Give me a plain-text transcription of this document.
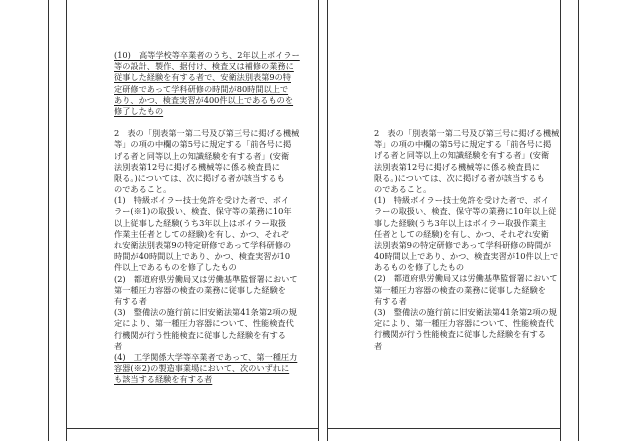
(10)　高等学校等卒業者のうち、2年以上ボイラー
等の設計、製作、据付け、検査又は補修の業務に
従事した経験を有する者で、安衛法別表第9の特
定研修であって学科研修の時間が80時間以上で
あり、かつ、検査実習が400件以上であるものを
修了したもの
2　表の「別表第一第二号及び第三号に掲げる機械
等」の項の中欄の第5号に規定する「前各号に掲
げる者と同等以上の知識経験を有する者」(安衛
法別表第12号に掲げる機械等に係る検査員に
限る。)については、次に掲げる者が該当するも
のであること。
(1)　特級ボイラー技士免許を受けた者で、ボイ
ラー(※1)の取扱い、検査、保守等の業務に10年
以上従事した経験(うち3年以上はボイラー取扱
作業主任者としての経験)を有し、かつ、それぞ
れ安衛法別表第9の特定研修であって学科研修の
時間が40時間以上であり、かつ、検査実習が10
件以上であるものを修了したもの
(2)　都道府県労働局又は労働基準監督署において
第一種圧力容器の検査の業務に従事した経験を
有する者
(3)　整備法の施行前に旧安衛法第41条第2項の規
定により、第一種圧力容器について、性能検査代
行機関が行う性能検査に従事した経験を有する
者
(4)　工学関係大学等卒業者であって、第一種圧力
容器(※2)の製造事業場において、次のいずれに
も該当する経験を有する者
2　表の「別表第一第二号及び第三号に掲げる機械
等」の項の中欄の第5号に規定する「前各号に掲
げる者と同等以上の知識経験を有する者」(安衛
法別表第12号に掲げる機械等に係る検査員に
限る。)については、次に掲げる者が該当するも
のであること。
(1)　特級ボイラー技士免許を受けた者で、ボイ
ラーの取扱い、検査、保守等の業務に10年以上従
事した経験(うち3年以上はボイラー取扱作業主
任者としての経験)を有し、かつ、それぞれ安衛
法別表第9の特定研修であって学科研修の時間が
40時間以上であり、かつ、検査実習が10件以上で
あるものを修了したもの
(2)　都道府県労働局又は労働基準監督署において
第一種圧力容器の検査の業務に従事した経験を
有する者
(3)　整備法の施行前に旧安衛法第41条第2項の規
定により、第一種圧力容器について、性能検査代
行機関が行う性能検査に従事した経験を有する
者
